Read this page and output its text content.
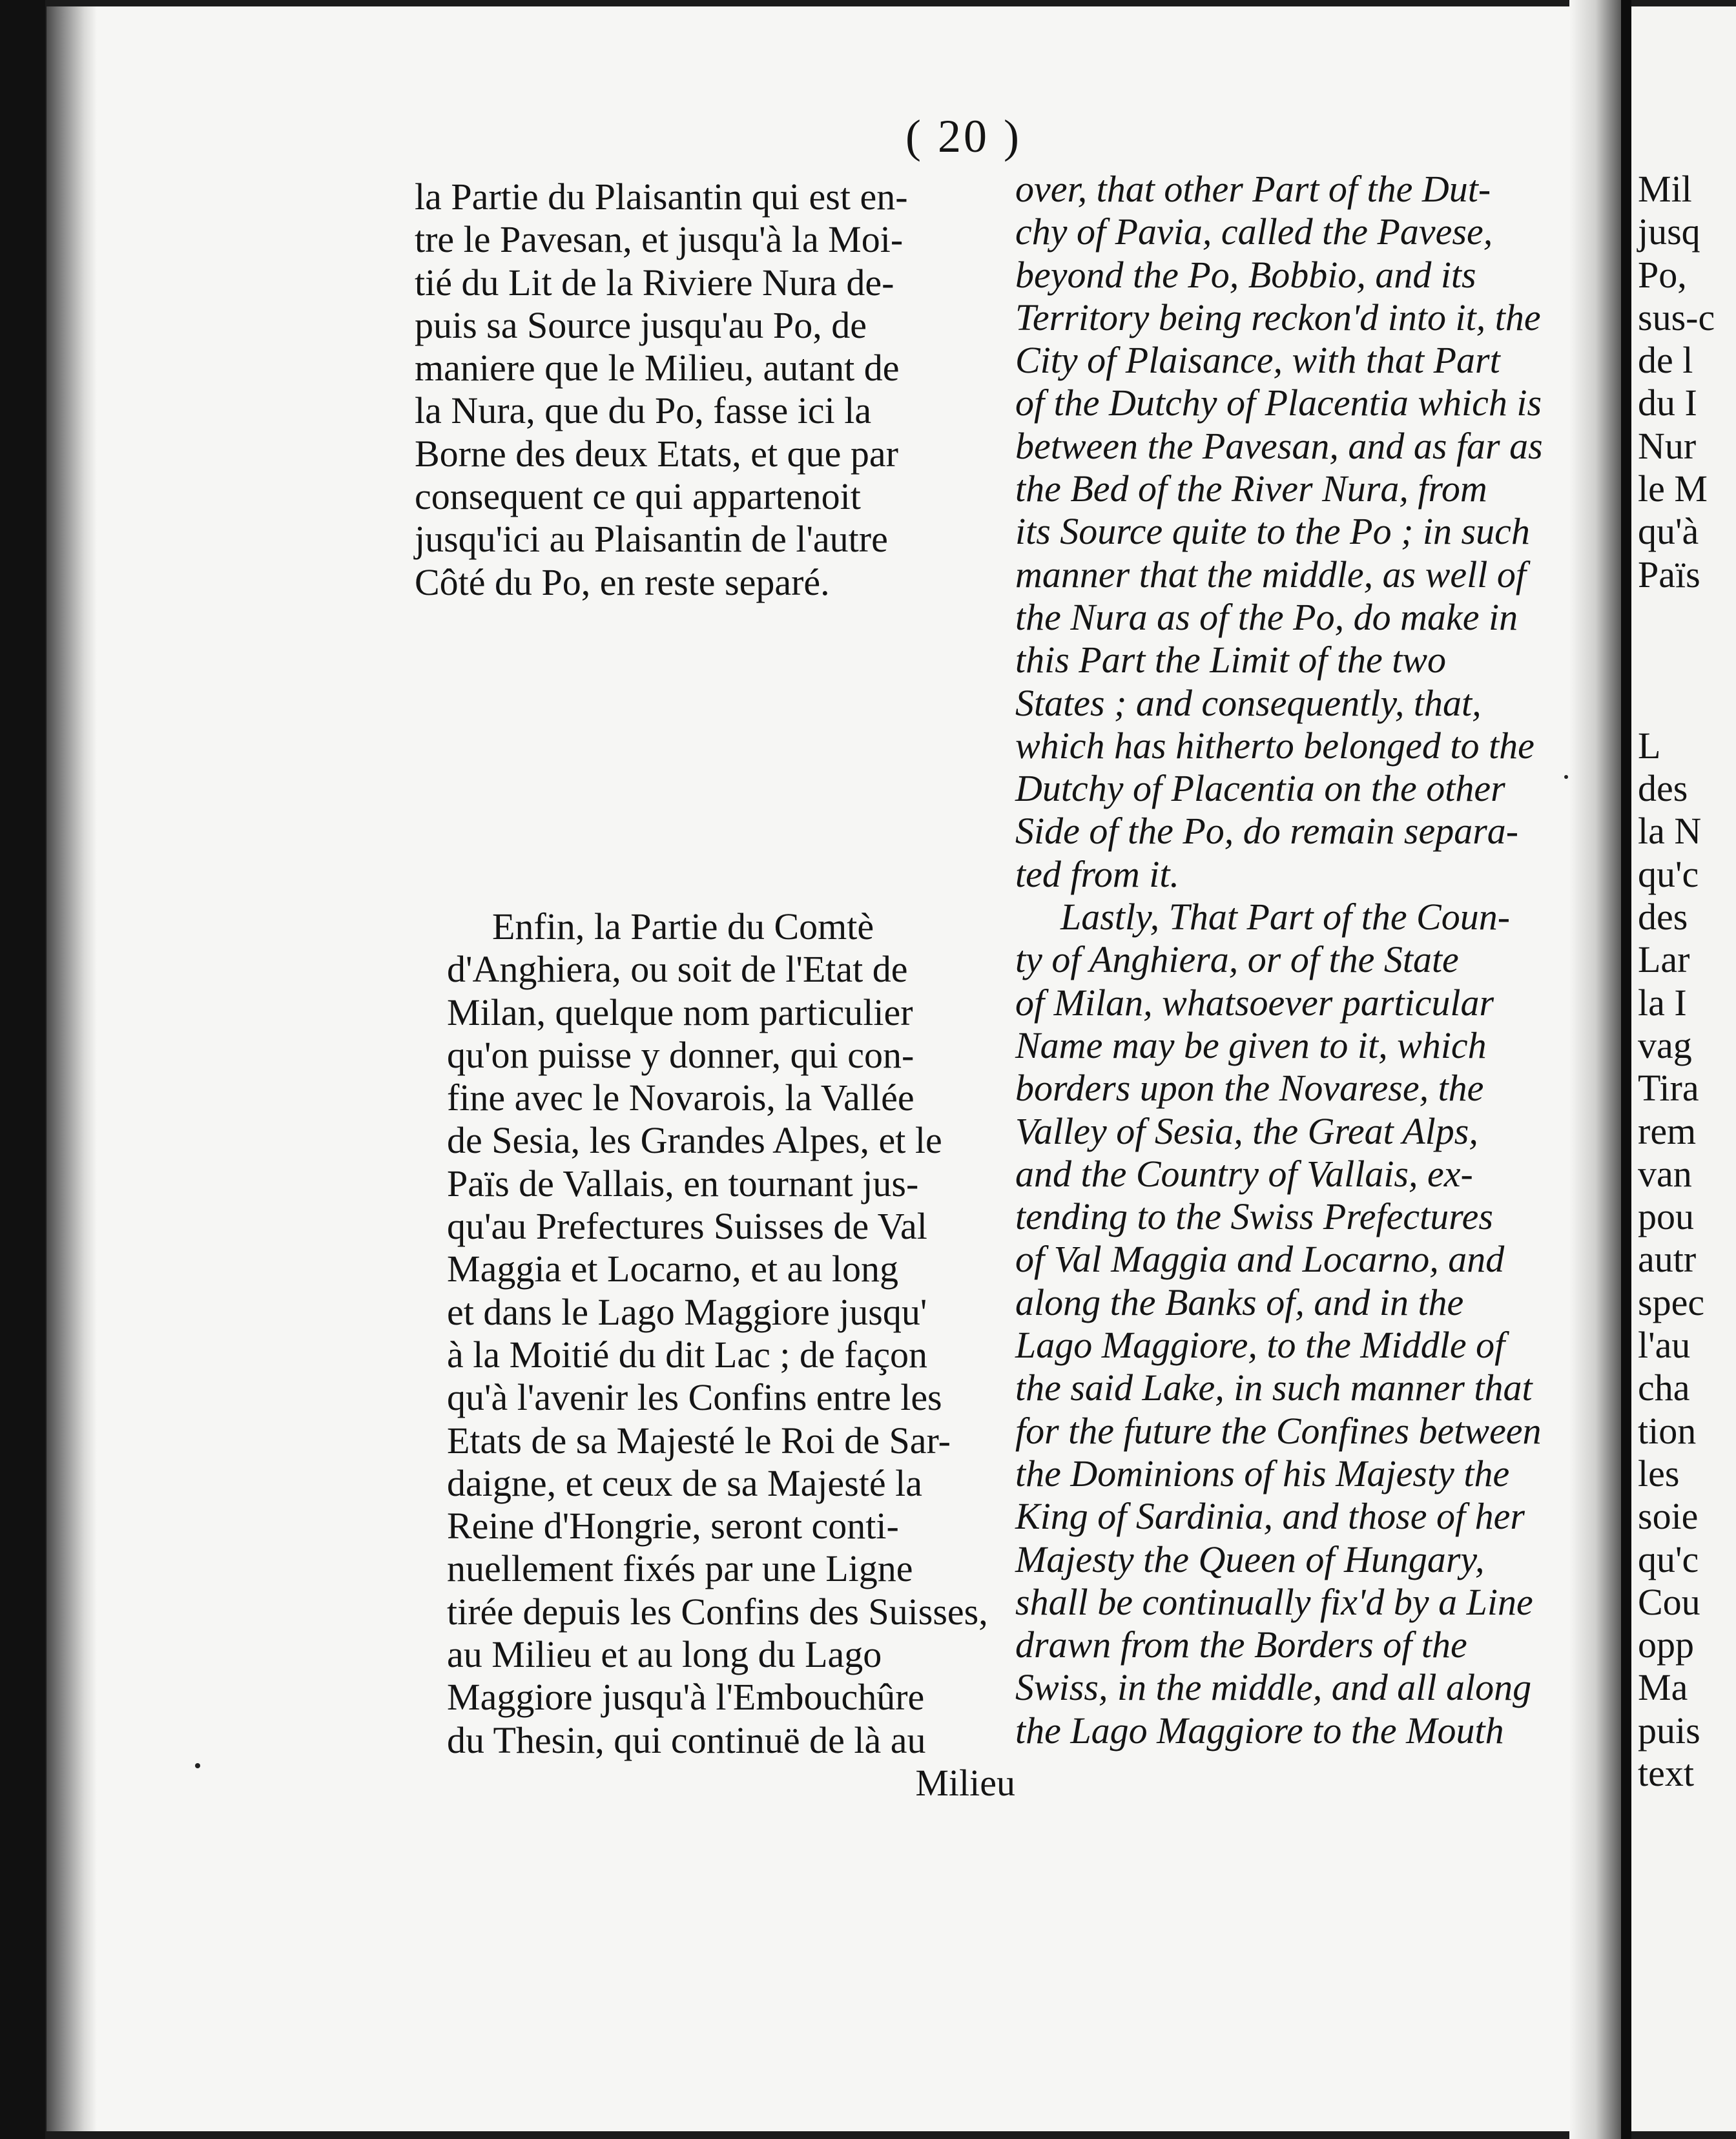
( 20 )
la Partie du Plaisantin qui est en-
tre le Pavesan, et jusqu'à la Moi-
tié du Lit de la Riviere Nura de-
puis sa Source jusqu'au Po, de
maniere que le Milieu, autant de
la Nura, que du Po, fasse ici la
Borne des deux Etats, et que par
consequent ce qui appartenoit
jusqu'ici au Plaisantin de l'autre
Côté du Po, en reste separé.
Enfin, la Partie du Comtè
d'Anghiera, ou soit de l'Etat de
Milan, quelque nom particulier
qu'on puisse y donner, qui con-
fine avec le Novarois, la Vallée
de Sesia, les Grandes Alpes, et le
Païs de Vallais, en tournant jus-
qu'au Prefectures Suisses de Val
Maggia et Locarno, et au long
et dans le Lago Maggiore jusqu'
à la Moitié du dit Lac ; de façon
qu'à l'avenir les Confins entre les
Etats de sa Majesté le Roi de Sar-
daigne, et ceux de sa Majesté la
Reine d'Hongrie, seront conti-
nuellement fixés par une Ligne
tirée depuis les Confins des Suisses,
au Milieu et au long du Lago
Maggiore jusqu'à l'Embouchûre
du Thesin, qui continuë de là au
Milieu
over, that other Part of the Dut-
chy of Pavia, called the Pavese,
beyond the Po, Bobbio, and its
Territory being reckon'd into it, the
City of Plaisance, with that Part
of the Dutchy of Placentia which is
between the Pavesan, and as far as
the Bed of the River Nura, from
its Source quite to the Po ; in such
manner that the middle, as well of
the Nura as of the Po, do make in
this Part the Limit of the two
States ; and consequently, that,
which has hitherto belonged to the
Dutchy of Placentia on the other
Side of the Po, do remain separa-
ted from it.
Lastly, That Part of the Coun-
ty of Anghiera, or of the State
of Milan, whatsoever particular
Name may be given to it, which
borders upon the Novarese, the
Valley of Sesia, the Great Alps,
and the Country of Vallais, ex-
tending to the Swiss Prefectures
of Val Maggia and Locarno, and
along the Banks of, and in the
Lago Maggiore, to the Middle of
the said Lake, in such manner that
for the future the Confines between
the Dominions of his Majesty the
King of Sardinia, and those of her
Majesty the Queen of Hungary,
shall be continually fix'd by a Line
drawn from the Borders of the
Swiss, in the middle, and all along
the Lago Maggiore to the Mouth
Mil
jusq
Po,
sus-c
de l
du I
Nur
le M
qu'à
Païs
L
des
la N
qu'c
des
Lar
la I
vag
Tira
rem
van
pou
autr
spec
l'au
cha
tion
les
soie
qu'c
Cou
opp
Ma
puis
text
